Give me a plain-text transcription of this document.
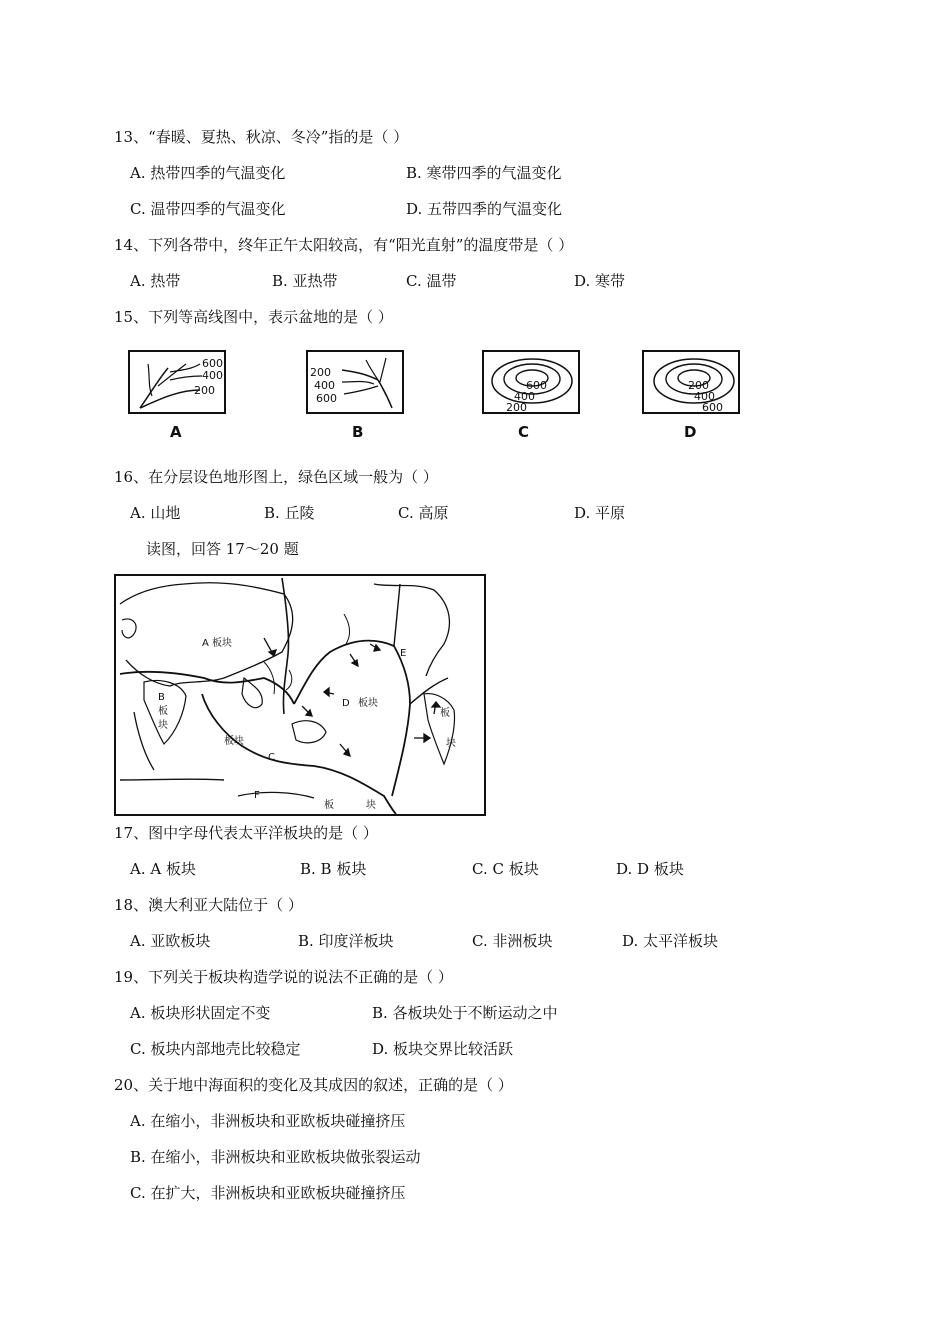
13、“春暖、夏热、秋凉、冬冷”指的是（ ）
A. 热带四季的气温变化	B. 寒带四季的气温变化
C. 温带四季的气温变化	D. 五带四季的气温变化
14、下列各带中，终年正午太阳较高，有“阳光直射”的温度带是（ ）
A. 热带	B. 亚热带	C. 温带	D. 寒带
15、下列等高线图中，表示盆地的是（ ）
600
400
200
A
200
400
600
B
600
400
200
C
200
400
600
D
16、在分层设色地形图上，绿色区域一般为（ ）
A. 山地	B. 丘陵	C. 高原	D. 平原
读图，回答 17～20 题
A 板块
B
板
块
板块
C
D 板块
E
F
板	块
板
块
17、图中字母代表太平洋板块的是（ ）
A. A 板块	B. B 板块	C. C 板块	D. D 板块
18、澳大利亚大陆位于（ ）
A. 亚欧板块	B. 印度洋板块	C. 非洲板块	D. 太平洋板块
19、下列关于板块构造学说的说法不正确的是（ ）
A. 板块形状固定不变	B. 各板块处于不断运动之中
C. 板块内部地壳比较稳定	D. 板块交界比较活跃
20、关于地中海面积的变化及其成因的叙述，正确的是（ ）
A. 在缩小，非洲板块和亚欧板块碰撞挤压
B. 在缩小，非洲板块和亚欧板块做张裂运动
C. 在扩大，非洲板块和亚欧板块碰撞挤压
